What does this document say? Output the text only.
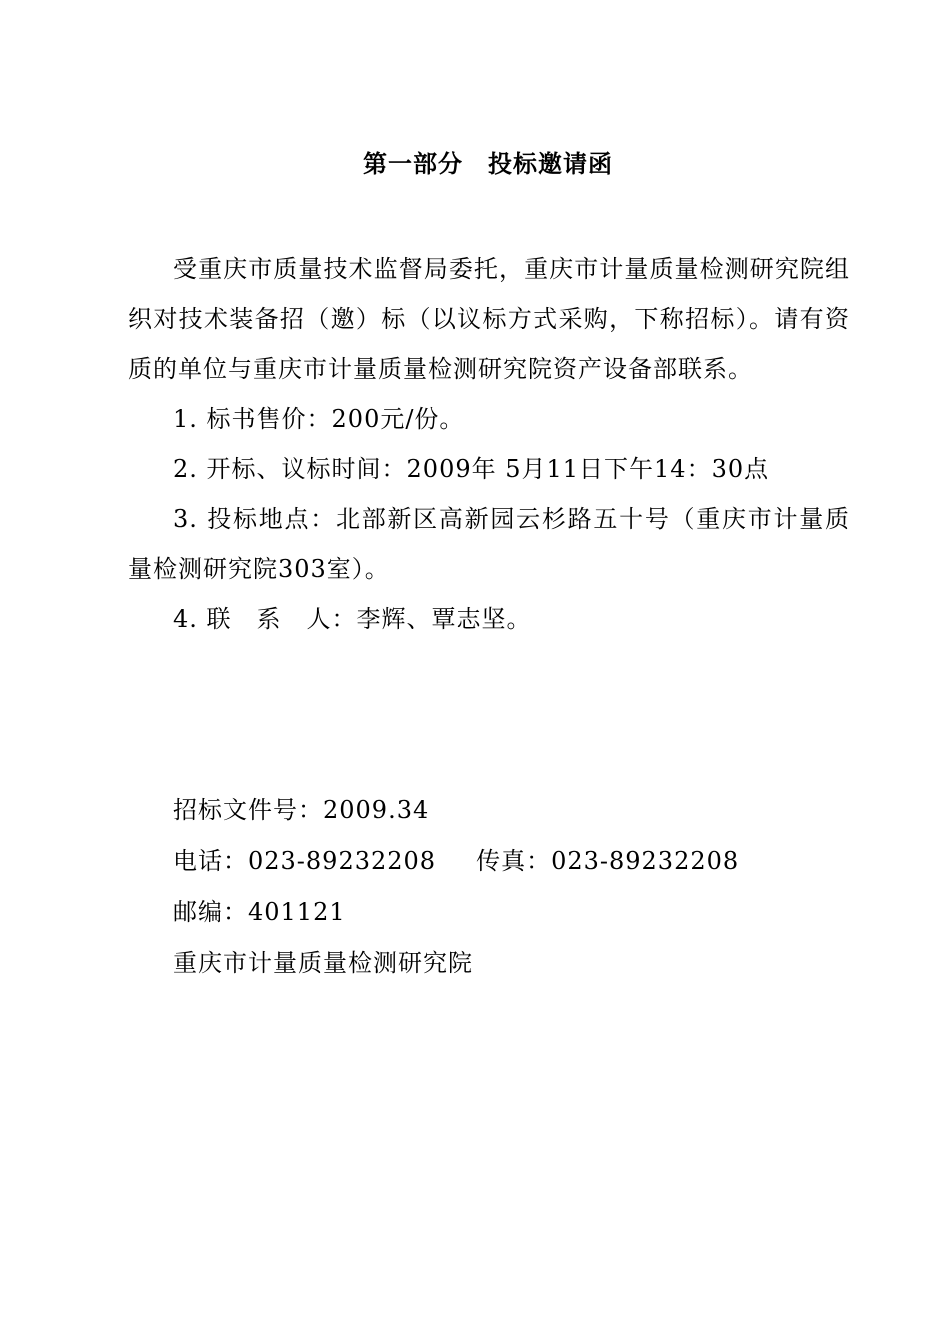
第一部分　投标邀请函

受重庆市质量技术监督局委托，重庆市计量质量检测研究院组织对技术装备招（邀）标（以议标方式采购，下称招标）。请有资质的单位与重庆市计量质量检测研究院资产设备部联系。

1. 标书售价：200元/份。

2. 开标、议标时间：2009年 5月11日下午14：30点

3. 投标地点：北部新区高新园云杉路五十号（重庆市计量质量检测研究院303室）。

4. 联　系　人：李辉、覃志坚。

招标文件号：2009.34
电话：023-89232208 传真：023-89232208
邮编：401121
重庆市计量质量检测研究院
